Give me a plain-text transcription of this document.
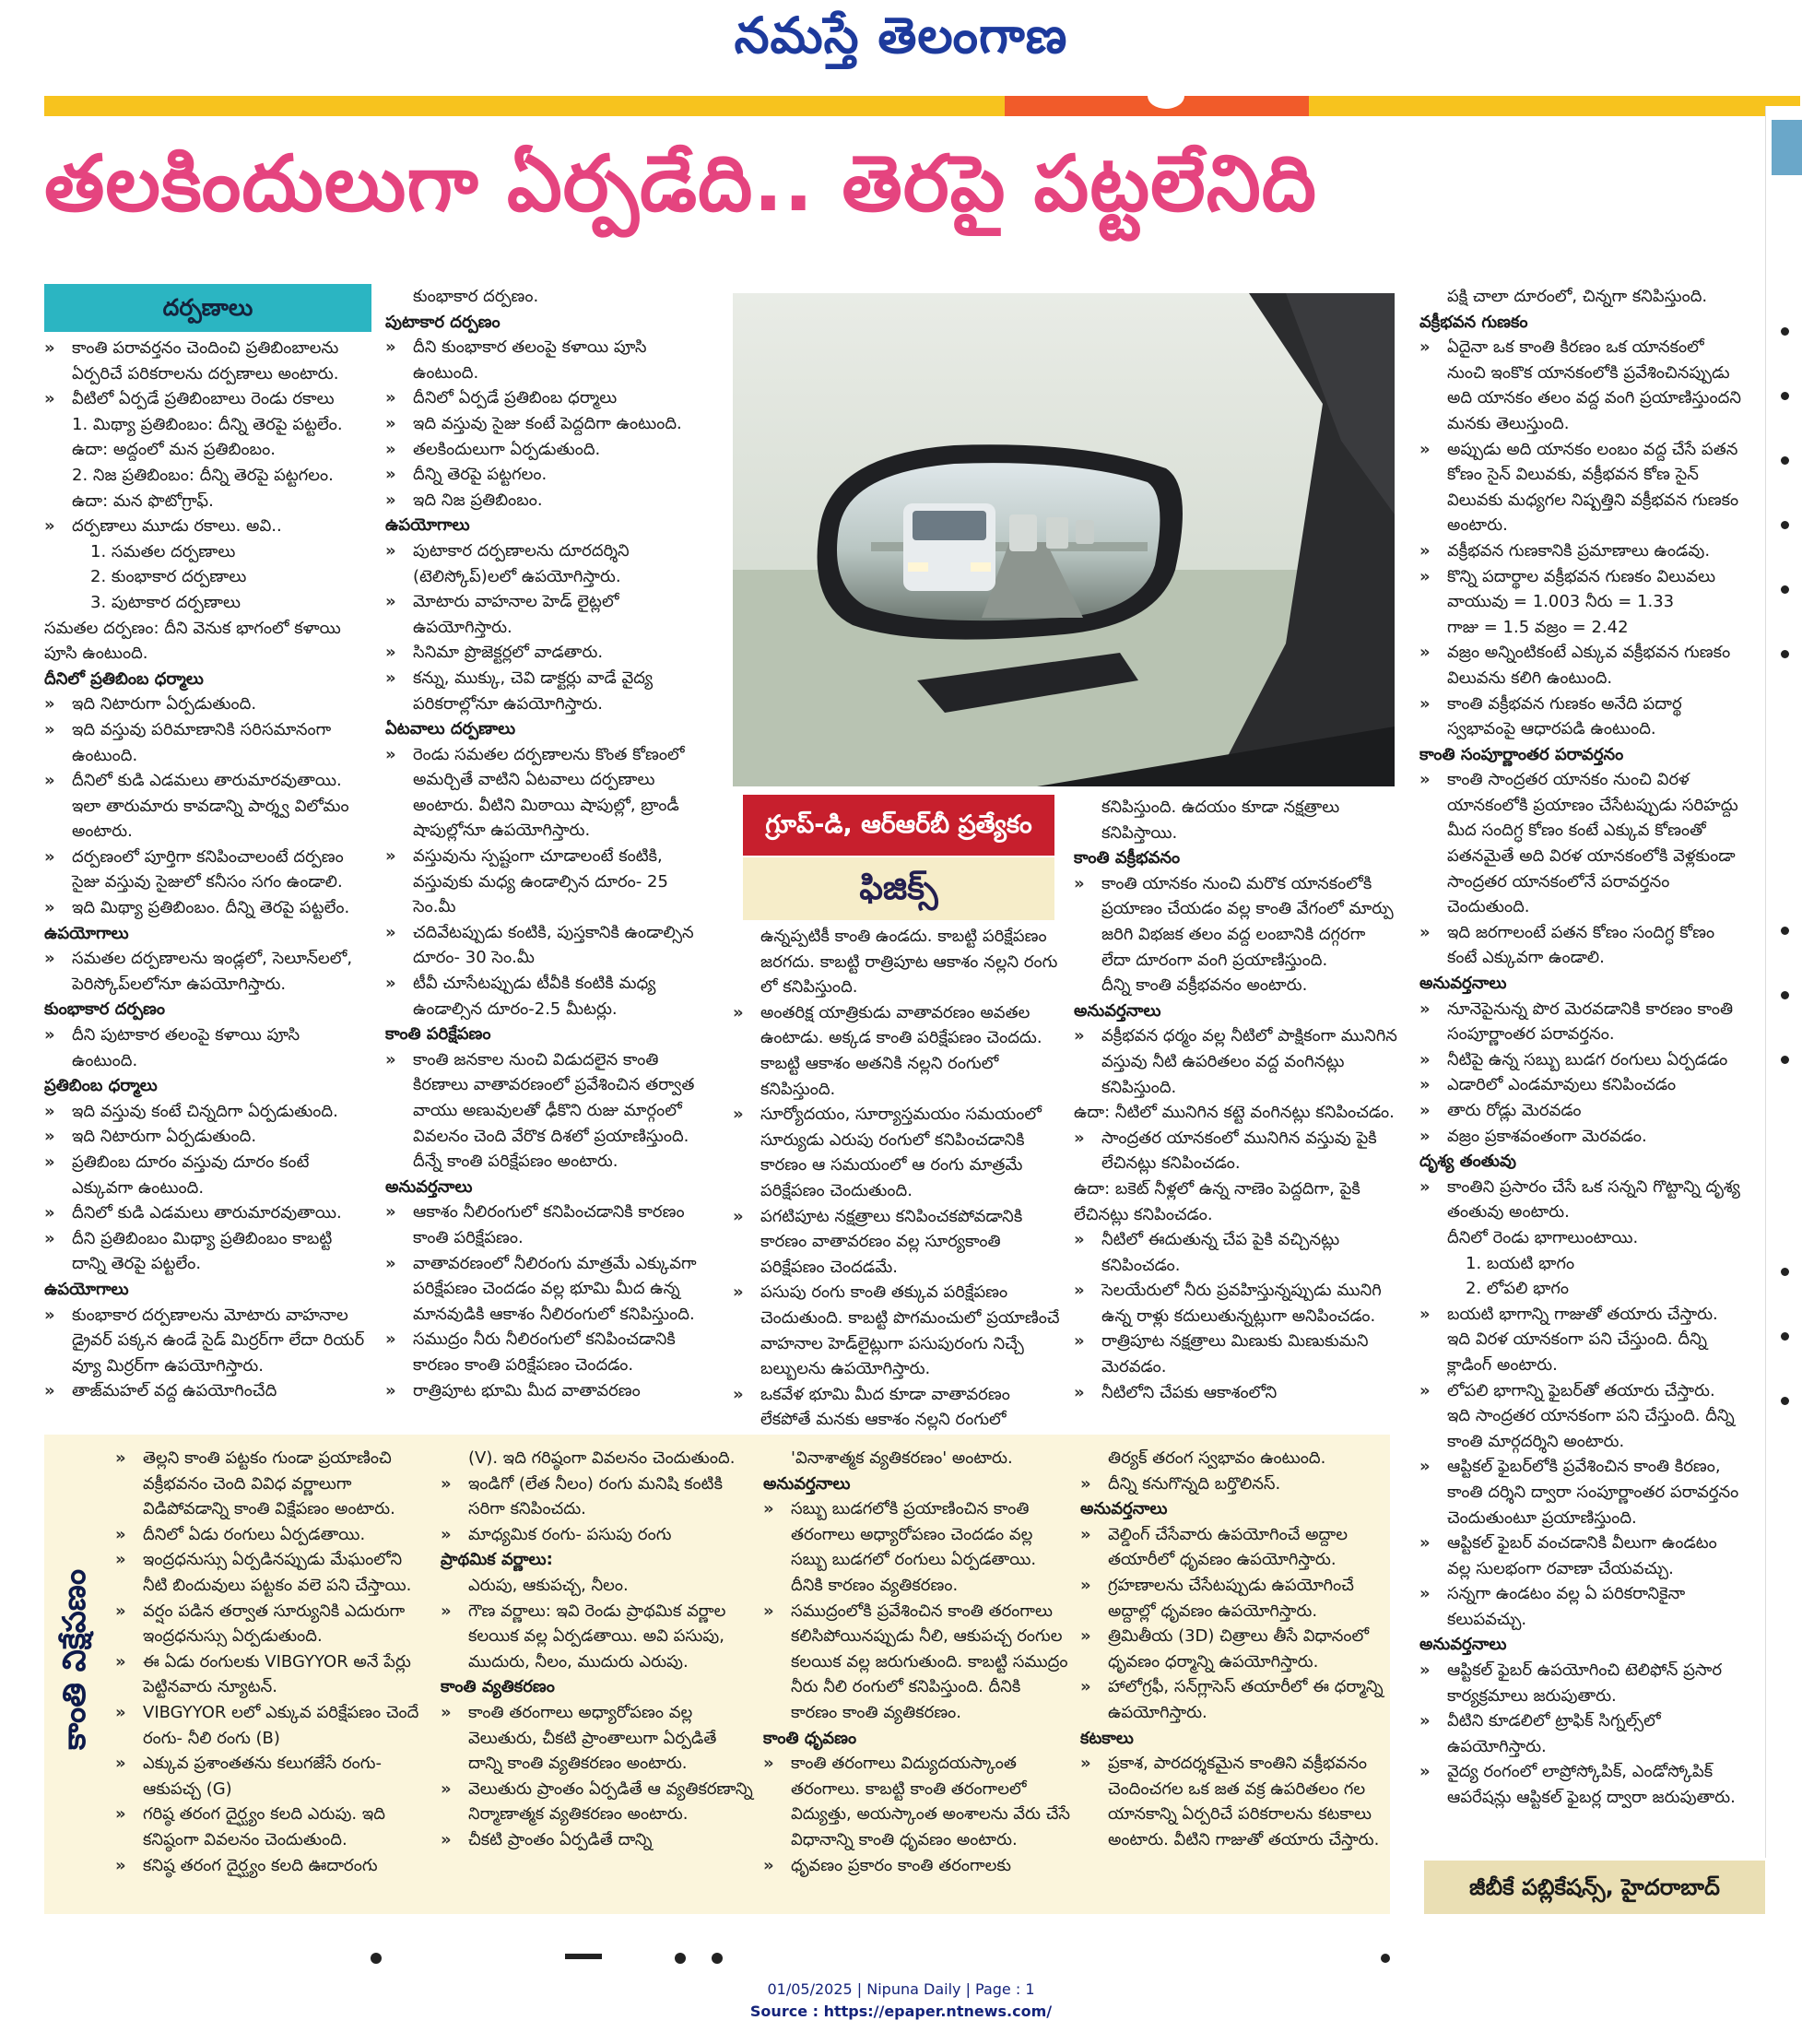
నమస్తే తెలంగాణ
తలకిందులుగా ఏర్పడేది.. తెరపై పట్టలేనిది
దర్పణాలు
గ్రూప్‌-డి, ఆర్‌ఆర్‌బీ ప్రత్యేకం
ఫిజిక్స్‌

» కాంతి పరావర్తనం చెందించి ప్రతిబింబాలను ఏర్పరిచే పరికరాలను దర్పణాలు అంటారు.

» వీటిలో ఏర్పడే ప్రతిబింబాలు రెండు రకాలు

1. మిథ్యా ప్రతిబింబం: దీన్ని తెరపై పట్టలేం.

ఉదా: అద్దంలో మన ప్రతిబింబం.

2. నిజ ప్రతిబింబం: దీన్ని తెరపై పట్టగలం.

ఉదా: మన ఫొటోగ్రాఫ్‌.

» దర్పణాలు మూడు రకాలు. అవి..

1. సమతల దర్పణాలు

2. కుంభాకార దర్పణాలు

3. పుటాకార దర్పణాలు

సమతల దర్పణం: దీని వెనుక భాగంలో కళాయి పూసి ఉంటుంది.

దీనిలో ప్రతిబింబ ధర్మాలు

» ఇది నిటారుగా ఏర్పడుతుంది.

» ఇది వస్తువు పరిమాణానికి సరిసమానంగా ఉంటుంది.

» దీనిలో కుడి ఎడమలు తారుమారవుతాయి. ఇలా తారుమారు కావడాన్ని పార్శ్వ విలోమం అంటారు.

» దర్పణంలో పూర్తిగా కనిపించాలంటే దర్పణం సైజు వస్తువు సైజులో కనీసం సగం ఉండాలి.

» ఇది మిథ్యా ప్రతిబింబం. దీన్ని తెరపై పట్టలేం.

ఉపయోగాలు

» సమతల దర్పణాలను ఇండ్లలో, సెలూన్‌లలో, పెరిస్కోప్‌లలోనూ ఉపయోగిస్తారు.

కుంభాకార దర్పణం

» దీని పుటాకార తలంపై కళాయి పూసి ఉంటుంది.

ప్రతిబింబ ధర్మాలు

» ఇది వస్తువు కంటే చిన్నదిగా ఏర్పడుతుంది.

» ఇది నిటారుగా ఏర్పడుతుంది.

» ప్రతిబింబ దూరం వస్తువు దూరం కంటే ఎక్కువగా ఉంటుంది.

» దీనిలో కుడి ఎడమలు తారుమారవుతాయి.

» దీని ప్రతిబింబం మిథ్యా ప్రతిబింబం కాబట్టి దాన్ని తెరపై పట్టలేం.

ఉపయోగాలు

» కుంభాకార దర్పణాలను మోటారు వాహనాల డ్రైవర్‌ పక్కన ఉండే సైడ్‌ మిర్రర్‌గా లేదా రియర్‌ వ్యూ మిర్రర్‌గా ఉపయోగిస్తారు.

» తాజ్‌మహల్‌ వద్ద ఉపయోగించేది

కుంభాకార దర్పణం.

పుటాకార దర్పణం

» దీని కుంభాకార తలంపై కళాయి పూసి ఉంటుంది.

» దీనిలో ఏర్పడే ప్రతిబింబ ధర్మాలు

» ఇది వస్తువు సైజు కంటే పెద్దదిగా ఉంటుంది.

» తలకిందులుగా ఏర్పడుతుంది.

» దీన్ని తెరపై పట్టగలం.

» ఇది నిజ ప్రతిబింబం.

ఉపయోగాలు

» పుటాకార దర్పణాలను దూరదర్శిని (టెలిస్కోప్‌)లలో ఉపయోగిస్తారు.

» మోటారు వాహనాల హెడ్‌ లైట్లలో ఉపయోగిస్తారు.

» సినిమా ప్రొజెక్టర్లలో వాడతారు.

» కన్ను, ముక్కు, చెవి డాక్టర్లు వాడే వైద్య పరికరాల్లోనూ ఉపయోగిస్తారు.

ఏటవాలు దర్పణాలు

» రెండు సమతల దర్పణాలను కొంత కోణంలో అమర్చితే వాటిని ఏటవాలు దర్పణాలు అంటారు. వీటిని మిఠాయి షాపుల్లో, బ్రాండీ షాపుల్లోనూ ఉపయోగిస్తారు.

» వస్తువును స్పష్టంగా చూడాలంటే కంటికి, వస్తువుకు మధ్య ఉండాల్సిన దూరం- 25 సెం.మీ

» చదివేటప్పుడు కంటికి, పుస్తకానికి ఉండాల్సిన దూరం- 30 సెం.మీ

» టీవీ చూసేటప్పుడు టీవీకి కంటికి మధ్య ఉండాల్సిన దూరం-2.5 మీటర్లు.

కాంతి పరిక్షేపణం

» కాంతి జనకాల నుంచి విడుదలైన కాంతి కిరణాలు వాతావరణంలో ప్రవేశించిన తర్వాత వాయు అణువులతో ఢీకొని రుజు మార్గంలో వివలనం చెంది వేరొక దిశలో ప్రయాణిస్తుంది.

దీన్నే కాంతి పరిక్షేపణం అంటారు.

అనువర్తనాలు

» ఆకాశం నీలిరంగులో కనిపించడానికి కారణం కాంతి పరిక్షేపణం.

» వాతావరణంలో నీలిరంగు మాత్రమే ఎక్కువగా పరిక్షేపణం చెందడం వల్ల భూమి మీద ఉన్న మానవుడికి ఆకాశం నీలిరంగులో కనిపిస్తుంది.

» సముద్రం నీరు నీలిరంగులో కనిపించడానికి కారణం కాంతి పరిక్షేపణం చెందడం.

» రాత్రిపూట భూమి మీద వాతావరణం

ఉన్నప్పటికీ కాంతి ఉండదు. కాబట్టి పరిక్షేపణం జరగదు. కాబట్టి రాత్రిపూట ఆకాశం నల్లని రంగు లో కనిపిస్తుంది.

» అంతరిక్ష యాత్రికుడు వాతావరణం అవతల ఉంటాడు. అక్కడ కాంతి పరిక్షేపణం చెందదు. కాబట్టి ఆకాశం అతనికి నల్లని రంగులో కనిపిస్తుంది.

» సూర్యోదయం, సూర్యాస్తమయం సమయంలో సూర్యుడు ఎరుపు రంగులో కనిపించడానికి కారణం ఆ సమయంలో ఆ రంగు మాత్రమే పరిక్షేపణం చెందుతుంది.

» పగటిపూట నక్షత్రాలు కనిపించకపోవడానికి కారణం వాతావరణం వల్ల సూర్యకాంతి పరిక్షేపణం చెందడమే.

» పసుపు రంగు కాంతి తక్కువ పరిక్షేపణం చెందుతుంది. కాబట్టి పొగమంచులో ప్రయాణించే వాహనాల హెడ్‌లైట్లుగా పసుపురంగు నిచ్చే బల్బులను ఉపయోగిస్తారు.

» ఒకవేళ భూమి మీద కూడా వాతావరణం లేకపోతే మనకు ఆకాశం నల్లని రంగులో

కనిపిస్తుంది. ఉదయం కూడా నక్షత్రాలు కనిపిస్తాయి.

కాంతి వక్రీభవనం

» కాంతి యానకం నుంచి మరొక యానకంలోకి ప్రయాణం చేయడం వల్ల కాంతి వేగంలో మార్పు జరిగి విభజక తలం వద్ద లంబానికి దగ్గరగా లేదా దూరంగా వంగి ప్రయాణిస్తుంది.

దీన్ని కాంతి వక్రీభవనం అంటారు.

అనువర్తనాలు

» వక్రీభవన ధర్మం వల్ల నీటిలో పాక్షికంగా మునిగిన వస్తువు నీటి ఉపరితలం వద్ద వంగినట్లు కనిపిస్తుంది.

ఉదా: నీటిలో మునిగిన కట్టె వంగినట్లు కనిపించడం.

» సాంద్రతర యానకంలో మునిగిన వస్తువు పైకి లేచినట్లు కనిపించడం.

ఉదా: బకెట్‌ నీళ్లలో ఉన్న నాణెం పెద్దదిగా, పైకి లేచినట్లు కనిపించడం.

» నీటిలో ఈదుతున్న చేప పైకి వచ్చినట్లు కనిపించడం.

» సెలయేరులో నీరు ప్రవహిస్తున్నప్పుడు మునిగి ఉన్న రాళ్లు కదులుతున్నట్లుగా అనిపించడం.

» రాత్రిపూట నక్షత్రాలు మిణుకు మిణుకుమని మెరవడం.

» నీటిలోని చేపకు ఆకాశంలోని

పక్షి చాలా దూరంలో, చిన్నగా కనిపిస్తుంది.

వక్రీభవన గుణకం

» ఏదైనా ఒక కాంతి కిరణం ఒక యానకంలో నుంచి ఇంకొక యానకంలోకి ప్రవేశించినప్పుడు అది యానకం తలం వద్ద వంగి ప్రయాణిస్తుందని మనకు తెలుస్తుంది.

» అప్పుడు అది యానకం లంబం వద్ద చేసే పతన కోణం సైన్‌ విలువకు, వక్రీభవన కోణ సైన్‌ విలువకు మధ్యగల నిష్పత్తిని వక్రీభవన గుణకం అంటారు.

» వక్రీభవన గుణకానికి ప్రమాణాలు ఉండవు.

» కొన్ని పదార్థాల వక్రీభవన గుణకం విలువలు

వాయువు = 1.003 నీరు = 1.33

గాజు = 1.5 వజ్రం = 2.42

» వజ్రం అన్నింటికంటే ఎక్కువ వక్రీభవన గుణకం విలువను కలిగి ఉంటుంది.

» కాంతి వక్రీభవన గుణకం అనేది పదార్థ స్వభావంపై ఆధారపడి ఉంటుంది.

కాంతి సంపూర్ణాంతర పరావర్తనం

» కాంతి సాంద్రతర యానకం నుంచి విరళ యానకంలోకి ప్రయాణం చేసేటప్పుడు సరిహద్దు మీద సందిగ్ధ కోణం కంటే ఎక్కువ కోణంతో పతనమైతే అది విరళ యానకంలోకి వెళ్లకుండా సాంద్రతర యానకంలోనే పరావర్తనం చెందుతుంది.

» ఇది జరగాలంటే పతన కోణం సందిగ్ధ కోణం కంటే ఎక్కువగా ఉండాలి.

అనువర్తనాలు

» నూనెపైనున్న పొర మెరవడానికి కారణం కాంతి సంపూర్ణాంతర పరావర్తనం.

» నీటిపై ఉన్న సబ్బు బుడగ రంగులు ఏర్పడడం

» ఎడారిలో ఎండమావులు కనిపించడం

» తారు రోడ్లు మెరవడం

» వజ్రం ప్రకాశవంతంగా మెరవడం.

దృశ్య తంతువు

» కాంతిని ప్రసారం చేసే ఒక సన్నని గొట్టాన్ని దృశ్య తంతువు అంటారు.

దీనిలో రెండు భాగాలుంటాయి.

1. బయటి భాగం

2. లోపలి భాగం

» బయటి భాగాన్ని గాజుతో తయారు చేస్తారు. ఇది విరళ యానకంగా పని చేస్తుంది. దీన్ని క్లాడింగ్‌ అంటారు.

» లోపలి భాగాన్ని ఫైబర్‌తో తయారు చేస్తారు. ఇది సాంద్రతర యానకంగా పని చేస్తుంది. దీన్ని కాంతి మార్గదర్శిని అంటారు.

» ఆప్టికల్‌ ఫైబర్‌లోకి ప్రవేశించిన కాంతి కిరణం, కాంతి దర్శిని ద్వారా సంపూర్ణాంతర పరావర్తనం చెందుతుంటూ ప్రయాణిస్తుంది.

» ఆప్టికల్‌ ఫైబర్‌ వంచడానికి వీలుగా ఉండటం వల్ల సులభంగా రవాణా చేయవచ్చు.

» సన్నగా ఉండటం వల్ల ఏ పరికరానికైనా కలుపవచ్చు.

అనువర్తనాలు

» ఆప్టికల్‌ ఫైబర్‌ ఉపయోగించి టెలిఫోన్‌ ప్రసార కార్యక్రమాలు జరుపుతారు.

» వీటిని కూడలిలో ట్రాఫిక్‌ సిగ్నల్స్‌లో ఉపయోగిస్తారు.

» వైద్య రంగంలో లాప్రోస్కోపిక్‌, ఎండోస్కోపిక్‌ ఆపరేషన్లు ఆప్టికల్‌ ఫైబర్ల ద్వారా జరుపుతారు.

కాంతి విక్షేపణం

» తెల్లని కాంతి పట్టకం గుండా ప్రయాణించి వక్రీభవనం చెంది వివిధ వర్ణాలుగా విడిపోవడాన్ని కాంతి విక్షేపణం అంటారు.

» దీనిలో ఏడు రంగులు ఏర్పడతాయి.

» ఇంద్రధనుస్సు ఏర్పడినప్పుడు మేఘంలోని నీటి బిందువులు పట్టకం వలె పని చేస్తాయి.

» వర్షం పడిన తర్వాత సూర్యునికి ఎదురుగా ఇంద్రధనుస్సు ఏర్పడుతుంది.

» ఈ ఏడు రంగులకు VIBGYYOR అనే పేర్లు పెట్టినవారు న్యూటన్‌.

» VIBGYYOR లలో ఎక్కువ పరిక్షేపణం చెందే రంగు- నీలి రంగు (B)

» ఎక్కువ ప్రశాంతతను కలుగజేసే రంగు- ఆకుపచ్చ (G)

» గరిష్ఠ తరంగ దైర్ఘ్యం కలది ఎరుపు. ఇది కనిష్ఠంగా వివలనం చెందుతుంది.

» కనిష్ఠ తరంగ దైర్ఘ్యం కలది ఊదారంగు

(V). ఇది గరిష్ఠంగా వివలనం చెందుతుంది.

» ఇండిగో (లేత నీలం) రంగు మనిషి కంటికి సరిగా కనిపించదు.

» మాధ్యమిక రంగు- పసుపు రంగు

ప్రాథమిక వర్ణాలు:

ఎరుపు, ఆకుపచ్చ, నీలం.

» గౌణ వర్ణాలు: ఇవి రెండు ప్రాథమిక వర్ణాల కలయిక వల్ల ఏర్పడతాయి. అవి పసుపు, ముదురు, నీలం, ముదురు ఎరుపు.

కాంతి వ్యతికరణం

» కాంతి తరంగాలు అధ్యారోపణం వల్ల వెలుతురు, చీకటి ప్రాంతాలుగా ఏర్పడితే దాన్ని కాంతి వ్యతికరణం అంటారు.

» వెలుతురు ప్రాంతం ఏర్పడితే ఆ వ్యతికరణాన్ని నిర్మాణాత్మక వ్యతికరణం అంటారు.

» చీకటి ప్రాంతం ఏర్పడితే దాన్ని

'వినాశాత్మక వ్యతికరణం' అంటారు.

అనువర్తనాలు

» సబ్బు బుడగలోకి ప్రయాణించిన కాంతి తరంగాలు అధ్యారోపణం చెందడం వల్ల సబ్బు బుడగలో రంగులు ఏర్పడతాయి. దీనికి కారణం వ్యతికరణం.

» సముద్రంలోకి ప్రవేశించిన కాంతి తరంగాలు కలిసిపోయినప్పుడు నీలి, ఆకుపచ్చ రంగుల కలయిక వల్ల జరుగుతుంది. కాబట్టి సముద్రం నీరు నీలి రంగులో కనిపిస్తుంది. దీనికి కారణం కాంతి వ్యతికరణం.

కాంతి ధృవణం

» కాంతి తరంగాలు విద్యుదయస్కాంత తరంగాలు. కాబట్టి కాంతి తరంగాలలో విద్యుత్తు, అయస్కాంత అంశాలను వేరు చేసే విధానాన్ని కాంతి ధృవణం అంటారు.

» ధృవణం ప్రకారం కాంతి తరంగాలకు

తిర్యక్‌ తరంగ స్వభావం ఉంటుంది.

» దీన్ని కనుగొన్నది బర్తొలినస్‌.

అనువర్తనాలు

» వెల్డింగ్‌ చేసేవారు ఉపయోగించే అద్దాల తయారీలో ధృవణం ఉపయోగిస్తారు.

» గ్రహణాలను చేసేటప్పుడు ఉపయోగించే అద్దాల్లో ధృవణం ఉపయోగిస్తారు.

» త్రిమితీయ (3D) చిత్రాలు తీసే విధానంలో ధృవణం ధర్మాన్ని ఉపయోగిస్తారు.

» హాలోగ్రఫీ, సన్‌గ్లాసెస్‌ తయారీలో ఈ ధర్మాన్ని ఉపయోగిస్తారు.

కటకాలు

» ప్రకాశ, పారదర్శకమైన కాంతిని వక్రీభవనం చెందించగల ఒక జత వక్ర ఉపరితలం గల యానకాన్ని ఏర్పరిచే పరికరాలను కటకాలు అంటారు. వీటిని గాజుతో తయారు చేస్తారు.

జీబీకే పబ్లికేషన్స్‌, హైదరాబాద్‌
01/05/2025 | Nipuna Daily | Page : 1
Source : https://epaper.ntnews.com/
